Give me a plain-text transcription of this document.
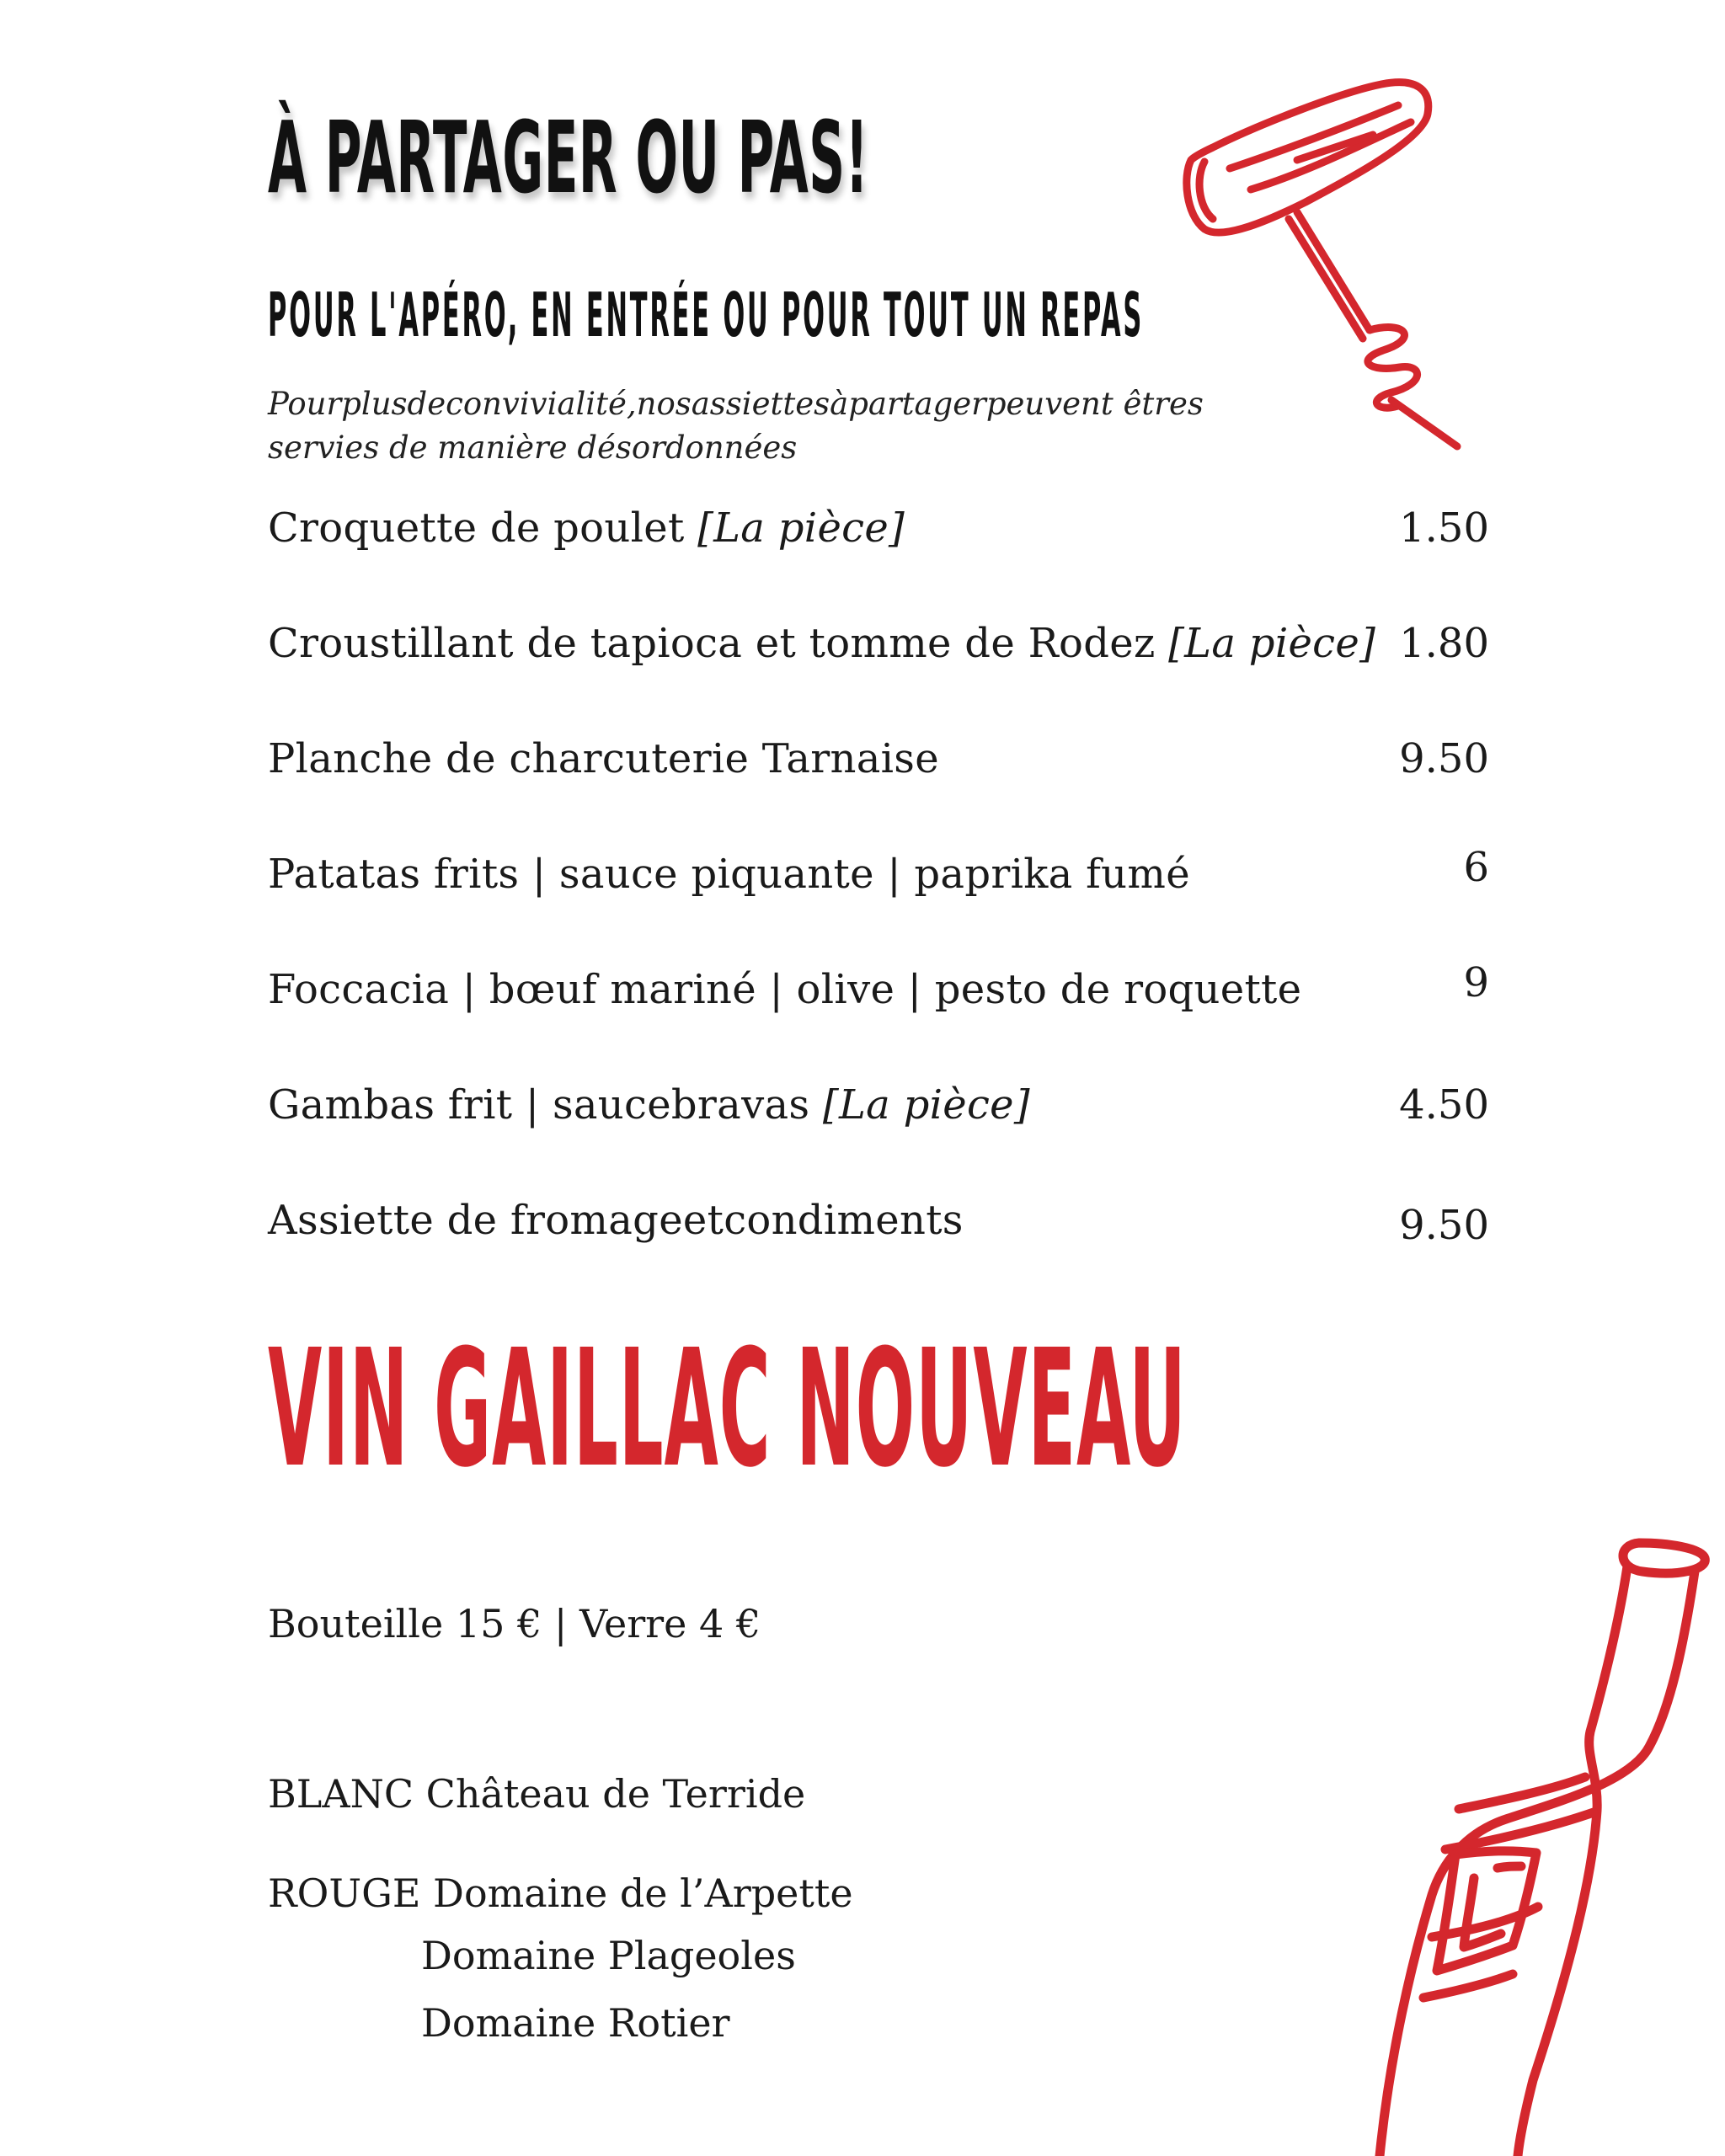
À PARTAGER OU PAS!
POUR L'APÉRO, EN ENTRÉE OU POUR TOUT UN REPAS

Pourplusdeconvivialité,nosassiettesàpartagerpeuvent êtres
servies de manière désordonnées

Croquette de poulet [La pièce]	1.50
Croustillant de tapioca et tomme de Rodez [La pièce] 1.80
Planche de charcuterie Tarnaise	9.50
Patatas frits | sauce piquante | paprika fumé	6
Foccacia | bœuf mariné | olive | pesto de roquette	9
Gambas frit | saucebravas [La pièce]	4.50
Assiette de fromageetcondiments	9.50
VIN GAILLAC NOUVEAU

Bouteille 15 € | Verre 4 €

BLANC Château de Terride

ROUGE Domaine de l’Arpette

Domaine Plageoles

Domaine Rotier
